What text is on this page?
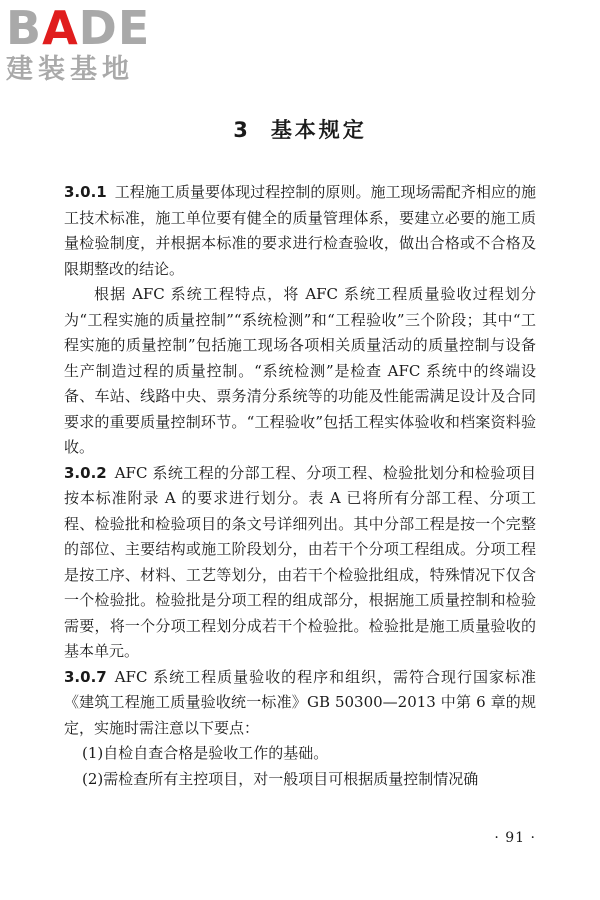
BADE
建装基地
3 基本规定

3.0.1 工程施工质量要体现过程控制的原则。施工现场需配齐相应的施工技术标准，施工单位要有健全的质量管理体系，要建立必要的施工质量检验制度，并根据本标准的要求进行检查验收，做出合格或不合格及限期整改的结论。

根据 AFC 系统工程特点，将 AFC 系统工程质量验收过程划分为“工程实施的质量控制”“系统检测”和“工程验收”三个阶段；其中“工程实施的质量控制”包括施工现场各项相关质量活动的质量控制与设备生产制造过程的质量控制。“系统检测”是检查 AFC 系统中的终端设备、车站、线路中央、票务清分系统等的功能及性能需满足设计及合同要求的重要质量控制环节。“工程验收”包括工程实体验收和档案资料验收。

3.0.2 AFC 系统工程的分部工程、分项工程、检验批划分和检验项目按本标准附录 A 的要求进行划分。表 A 已将所有分部工程、分项工程、检验批和检验项目的条文号详细列出。其中分部工程是按一个完整的部位、主要结构或施工阶段划分，由若干个分项工程组成。分项工程是按工序、材料、工艺等划分，由若干个检验批组成，特殊情况下仅含一个检验批。检验批是分项工程的组成部分，根据施工质量控制和检验需要，将一个分项工程划分成若干个检验批。检验批是施工质量验收的基本单元。

3.0.7 AFC 系统工程质量验收的程序和组织，需符合现行国家标准《建筑工程施工质量验收统一标准》GB 50300—2013 中第 6 章的规定，实施时需注意以下要点：

(1)自检自查合格是验收工作的基础。

(2)需检查所有主控项目，对一般项目可根据质量控制情况确

· 91 ·
